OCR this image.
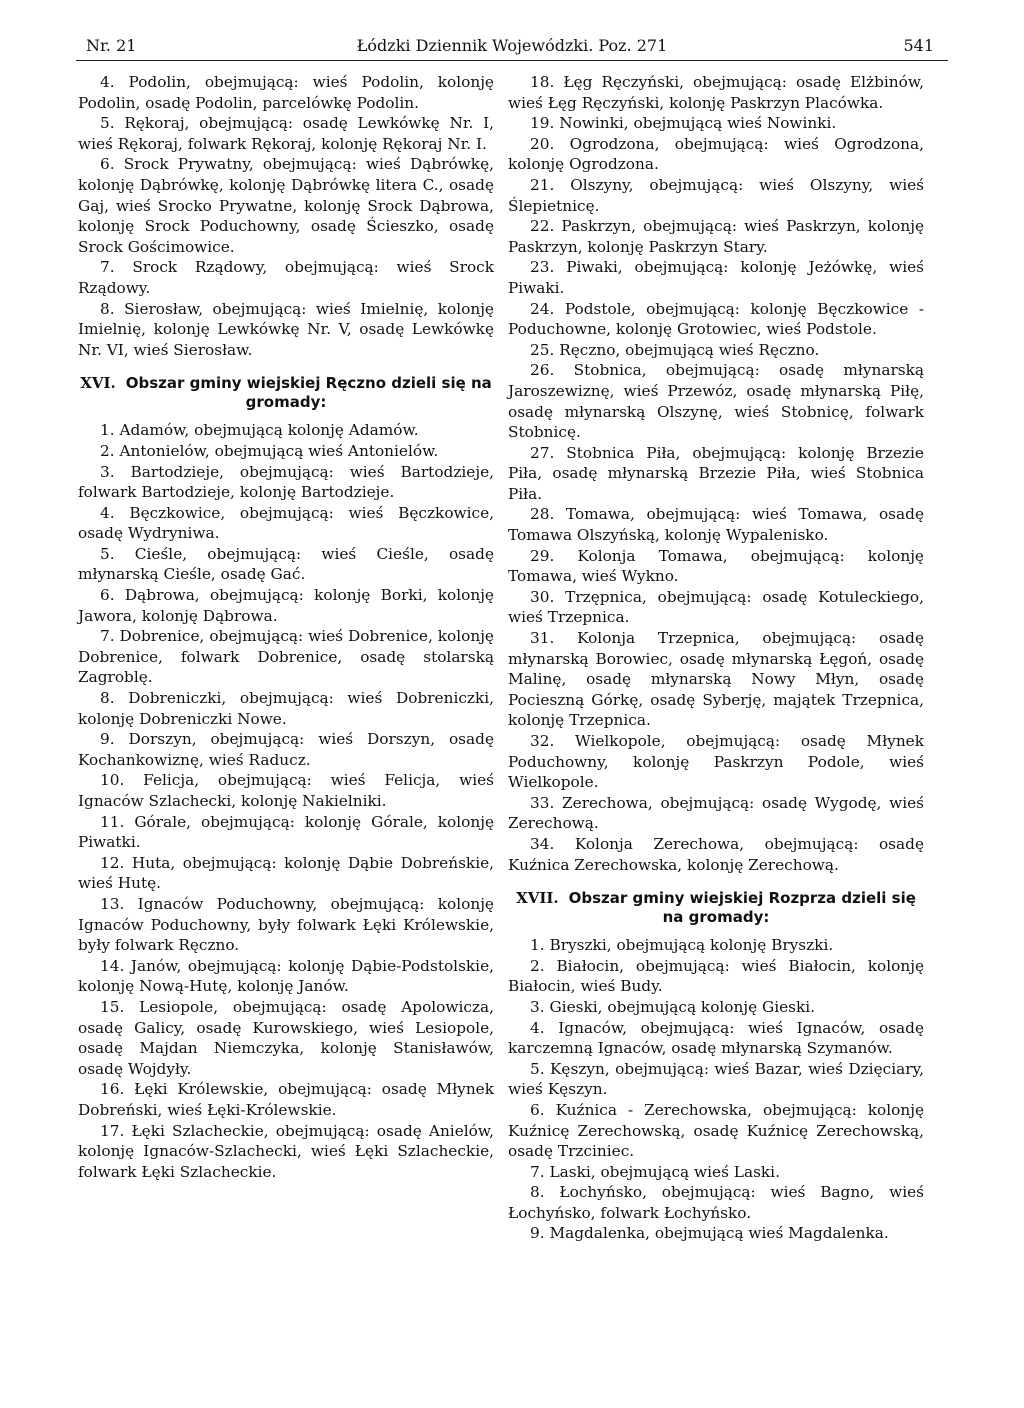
Nr. 21	Łódzki Dziennik Wojewódzki. Poz. 271	541

4. Podolin, obejmującą: wieś Podolin, kolonję Podolin, osadę Podolin, parcelówkę Podolin.

5. Rękoraj, obejmującą: osadę Lewkówkę Nr. I, wieś Rękoraj, folwark Rękoraj, kolonję Rękoraj Nr. I.

6. Srock Prywatny, obejmującą: wieś Dąbrówkę, kolonję Dąbrówkę, kolonję Dąbrówkę litera C., osadę Gaj, wieś Srocko Prywatne, kolonję Srock Dąbrowa, kolonję Srock Poduchowny, osadę Ścieszko, osadę Srock Gościmowice.

7. Srock Rządowy, obejmującą: wieś Srock Rządowy.

8. Sierosław, obejmującą: wieś Imielnię, kolonję Imielnię, kolonję Lewkówkę Nr. V, osadę Lewkówkę Nr. VI, wieś Sierosław.

XVI. Obszar gminy wiejskiej Ręczno dzieli się na gromady:

1. Adamów, obejmującą kolonję Adamów.

2. Antonielów, obejmującą wieś Antonielów.

3. Bartodzieje, obejmującą: wieś Bartodzieje, folwark Bartodzieje, kolonję Bartodzieje.

4. Bęczkowice, obejmującą: wieś Bęczkowice, osadę Wydryniwa.

5. Cieśle, obejmującą: wieś Cieśle, osadę młynarską Cieśle, osadę Gać.

6. Dąbrowa, obejmującą: kolonję Borki, kolonję Jawora, kolonję Dąbrowa.

7. Dobrenice, obejmującą: wieś Dobrenice, kolonję Dobrenice, folwark Dobrenice, osadę stolarską Zagroblę.

8. Dobreniczki, obejmującą: wieś Dobreniczki, kolonję Dobreniczki Nowe.

9. Dorszyn, obejmującą: wieś Dorszyn, osadę Kochankowiznę, wieś Raducz.

10. Felicja, obejmującą: wieś Felicja, wieś Ignaców Szlachecki, kolonję Nakielniki.

11. Górale, obejmującą: kolonję Górale, kolonję Piwatki.

12. Huta, obejmującą: kolonję Dąbie Dobreńskie, wieś Hutę.

13. Ignaców Poduchowny, obejmującą: kolonję Ignaców Poduchowny, były folwark Łęki Królewskie, były folwark Ręczno.

14. Janów, obejmującą: kolonję Dąbie-Podstolskie, kolonję Nową-Hutę, kolonję Janów.

15. Lesiopole, obejmującą: osadę Apolowicza, osadę Galicy, osadę Kurowskiego, wieś Lesiopole, osadę Majdan Niemczyka, kolonję Stanisławów, osadę Wojdyły.

16. Łęki Królewskie, obejmującą: osadę Młynek Dobreński, wieś Łęki-Królewskie.

17. Łęki Szlacheckie, obejmującą: osadę Anielów, kolonję Ignaców-Szlachecki, wieś Łęki Szlacheckie, folwark Łęki Szlacheckie.

18. Łęg Ręczyński, obejmującą: osadę Elżbinów, wieś Łęg Ręczyński, kolonję Paskrzyn Placówka.

19. Nowinki, obejmującą wieś Nowinki.

20. Ogrodzona, obejmującą: wieś Ogrodzona, kolonję Ogrodzona.

21. Olszyny, obejmującą: wieś Olszyny, wieś Ślepietnicę.

22. Paskrzyn, obejmującą: wieś Paskrzyn, kolonję Paskrzyn, kolonję Paskrzyn Stary.

23. Piwaki, obejmującą: kolonję Jeżówkę, wieś Piwaki.

24. Podstole, obejmującą: kolonję Bęczkowice - Poduchowne, kolonję Grotowiec, wieś Podstole.

25. Ręczno, obejmującą wieś Ręczno.

26. Stobnica, obejmującą: osadę młynarską Jaroszewiznę, wieś Przewóz, osadę młynarską Piłę, osadę młynarską Olszynę, wieś Stobnicę, folwark Stobnicę.

27. Stobnica Piła, obejmującą: kolonję Brzezie Piła, osadę młynarską Brzezie Piła, wieś Stobnica Piła.

28. Tomawa, obejmującą: wieś Tomawa, osadę Tomawa Olszyńską, kolonję Wypalenisko.

29. Kolonja Tomawa, obejmującą: kolonję Tomawa, wieś Wykno.

30. Trzępnica, obejmującą: osadę Kotuleckiego, wieś Trzepnica.

31. Kolonja Trzepnica, obejmującą: osadę młynarską Borowiec, osadę młynarską Łęgoń, osadę Malinę, osadę młynarską Nowy Młyn, osadę Pocieszną Górkę, osadę Syberję, majątek Trzepnica, kolonję Trzepnica.

32. Wielkopole, obejmującą: osadę Młynek Poduchowny, kolonję Paskrzyn Podole, wieś Wielkopole.

33. Zerechowa, obejmującą: osadę Wygodę, wieś Zerechową.

34. Kolonja Zerechowa, obejmującą: osadę Kuźnica Zerechowska, kolonję Zerechową.

XVII. Obszar gminy wiejskiej Rozprza dzieli się na gromady:

1. Bryszki, obejmującą kolonję Bryszki.

2. Białocin, obejmującą: wieś Białocin, kolonję Białocin, wieś Budy.

3. Gieski, obejmującą kolonję Gieski.

4. Ignaców, obejmującą: wieś Ignaców, osadę karczemną Ignaców, osadę młynarską Szymanów.

5. Kęszyn, obejmującą: wieś Bazar, wieś Dzięciary, wieś Kęszyn.

6. Kuźnica - Zerechowska, obejmującą: kolonję Kuźnicę Zerechowską, osadę Kuźnicę Zerechowską, osadę Trzciniec.

7. Laski, obejmującą wieś Laski.

8. Łochyńsko, obejmującą: wieś Bagno, wieś Łochyńsko, folwark Łochyńsko.

9. Magdalenka, obejmującą wieś Magdalenka.
